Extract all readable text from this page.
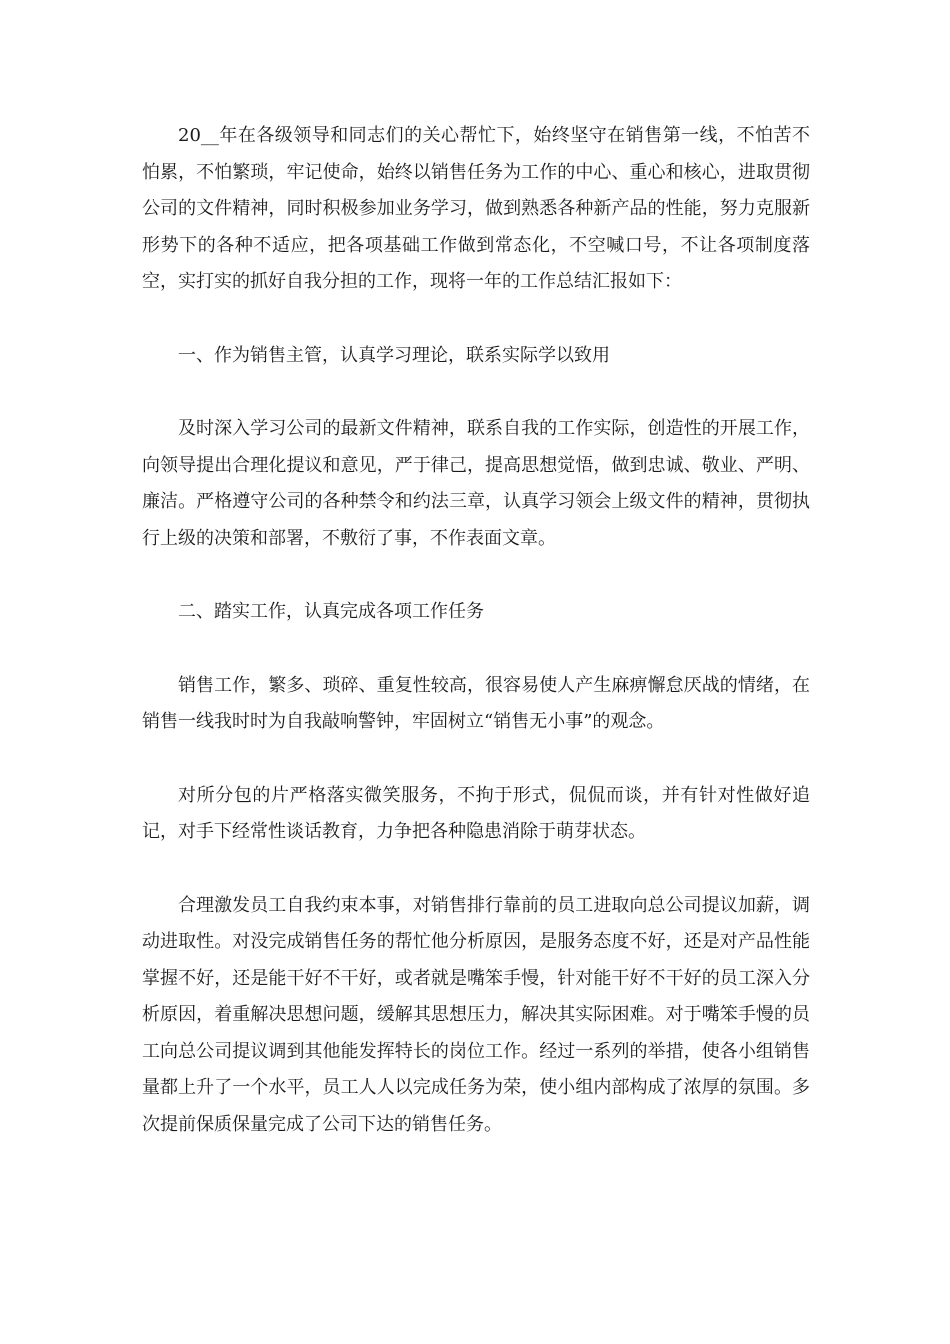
20__年在各级领导和同志们的关心帮忙下，始终坚守在销售第一线，不怕苦不怕累，不怕繁琐，牢记使命，始终以销售任务为工作的中心、重心和核心，进取贯彻公司的文件精神，同时积极参加业务学习，做到熟悉各种新产品的性能，努力克服新形势下的各种不适应，把各项基础工作做到常态化，不空喊口号，不让各项制度落空，实打实的抓好自我分担的工作，现将一年的工作总结汇报如下：

一、作为销售主管，认真学习理论，联系实际学以致用

及时深入学习公司的最新文件精神，联系自我的工作实际，创造性的开展工作，向领导提出合理化提议和意见，严于律己，提高思想觉悟，做到忠诚、敬业、严明、廉洁。严格遵守公司的各种禁令和约法三章，认真学习领会上级文件的精神，贯彻执行上级的决策和部署，不敷衍了事，不作表面文章。

二、踏实工作，认真完成各项工作任务

销售工作，繁多、琐碎、重复性较高，很容易使人产生麻痹懈怠厌战的情绪，在销售一线我时时为自我敲响警钟，牢固树立“销售无小事”的观念。

对所分包的片严格落实微笑服务，不拘于形式，侃侃而谈，并有针对性做好追记，对手下经常性谈话教育，力争把各种隐患消除于萌芽状态。

合理激发员工自我约束本事，对销售排行靠前的员工进取向总公司提议加薪，调动进取性。对没完成销售任务的帮忙他分析原因，是服务态度不好，还是对产品性能掌握不好，还是能干好不干好，或者就是嘴笨手慢，针对能干好不干好的员工深入分析原因，着重解决思想问题，缓解其思想压力，解决其实际困难。对于嘴笨手慢的员工向总公司提议调到其他能发挥特长的岗位工作。经过一系列的举措，使各小组销售量都上升了一个水平，员工人人以完成任务为荣，使小组内部构成了浓厚的氛围。多次提前保质保量完成了公司下达的销售任务。
